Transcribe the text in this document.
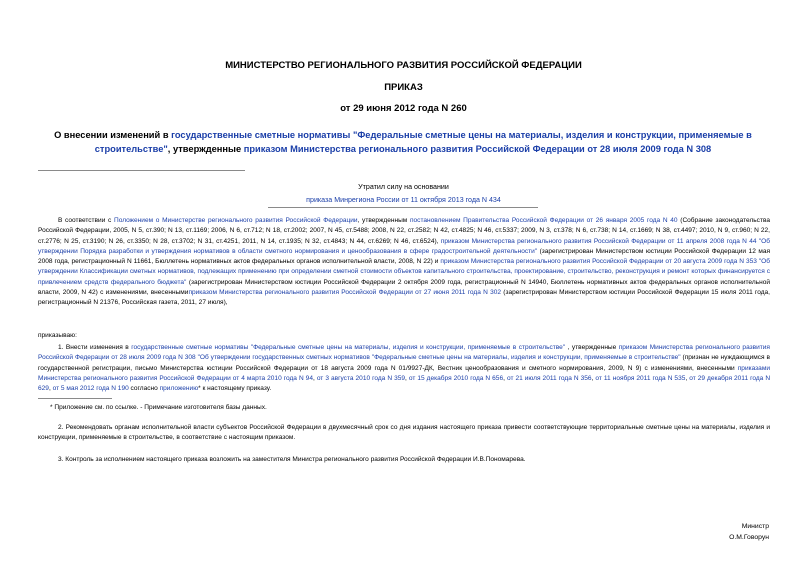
МИНИСТЕРСТВО РЕГИОНАЛЬНОГО РАЗВИТИЯ РОССИЙСКОЙ ФЕДЕРАЦИИ
ПРИКАЗ
от 29 июня 2012 года N 260
О внесении изменений в государственные сметные нормативы "Федеральные сметные цены на материалы, изделия и конструкции, применяемые в строительстве", утвержденные приказом Министерства регионального развития Российской Федерации от 28 июля 2009 года N 308
Утратил силу на основании
приказа Минрегиона России от 11 октября 2013 года N 434
В соответствии с Положением о Министерстве регионального развития Российской Федерации, утвержденным постановлением Правительства Российской Федерации от 26 января 2005 года N 40 (Собрание законодательства Российской Федерации, 2005, N 5, ст.390; N 13, ст.1169; 2006, N 6, ст.712; N 18, ст.2002; 2007, N 45, ст.5488; 2008, N 22, ст.2582; N 42, ст.4825; N 46, ст.5337; 2009, N 3, ст.378; N 6, ст.738; N 14, ст.1669; N 38, ст.4497; 2010, N 9, ст.960; N 22, ст.2776; N 25, ст.3190; N 26, ст.3350; N 28, ст.3702; N 31, ст.4251, 2011, N 14, ст.1935; N 32, ст.4843; N 44, ст.6269; N 46, ст.6524), приказом Министерства регионального развития Российской Федерации от 11 апреля 2008 года N 44 "Об утверждении Порядка разработки и утверждения нормативов в области сметного нормирования и ценообразования в сфере градостроительной деятельности" (зарегистрирован Министерством юстиции Российской Федерации 12 мая 2008 года, регистрационный N 11661, Бюллетень нормативных актов федеральных органов исполнительной власти, 2008, N 22) и приказом Министерства регионального развития Российской Федерации от 20 августа 2009 года N 353 "Об утверждении Классификации сметных нормативов, подлежащих применению при определении сметной стоимости объектов капитального строительства, проектирование, строительство, реконструкция и ремонт которых финансируется с привлечением средств федерального бюджета" (зарегистрирован Министерством юстиции Российской Федерации 2 октября 2009 года, регистрационный N 14940, Бюллетень нормативных актов федеральных органов исполнительной власти, 2009, N 42) с изменениями, внесеннымиприказом Министерства регионального развития Российской Федерации от 27 июня 2011 года N 302 (зарегистрирован Министерством юстиции Российской Федерации 15 июля 2011 года, регистрационный N 21376, Российская газета, 2011, 27 июля),
приказываю:
1. Внести изменения в государственные сметные нормативы "Федеральные сметные цены на материалы, изделия и конструкции, применяемые в строительстве" , утвержденные приказом Министерства регионального развития Российской Федерации от 28 июля 2009 года N 308 "Об утверждении государственных сметных нормативов "Федеральные сметные цены на материалы, изделия и конструкции, применяемые в строительстве" (признан не нуждающимся в государственной регистрации, письмо Министерства юстиции Российской Федерации от 18 августа 2009 года N 01/9927-ДК, Вестник ценообразования и сметного нормирования, 2009, N 9) с изменениями, внесенными приказами Министерства регионального развития Российской Федерации от 4 марта 2010 года N 94, от 3 августа 2010 года N 359, от 15 декабря 2010 года N 656, от 21 июля 2011 года N 356, от 11 ноября 2011 года N 535, от 29 декабря 2011 года N 629, от 5 мая 2012 года N 190 согласно приложению* к настоящему приказу.
* Приложение см. по ссылке. - Примечание изготовителя базы данных.
2. Рекомендовать органам исполнительной власти субъектов Российской Федерации в двухмесячный срок со дня издания настоящего приказа привести соответствующие территориальные сметные цены на материалы, изделия и конструкции, применяемые в строительстве, в соответствие с настоящим приказом.
3. Контроль за исполнением настоящего приказа возложить на заместителя Министра регионального развития Российской Федерации И.В.Пономарева.
Министр
О.М.Говорун
